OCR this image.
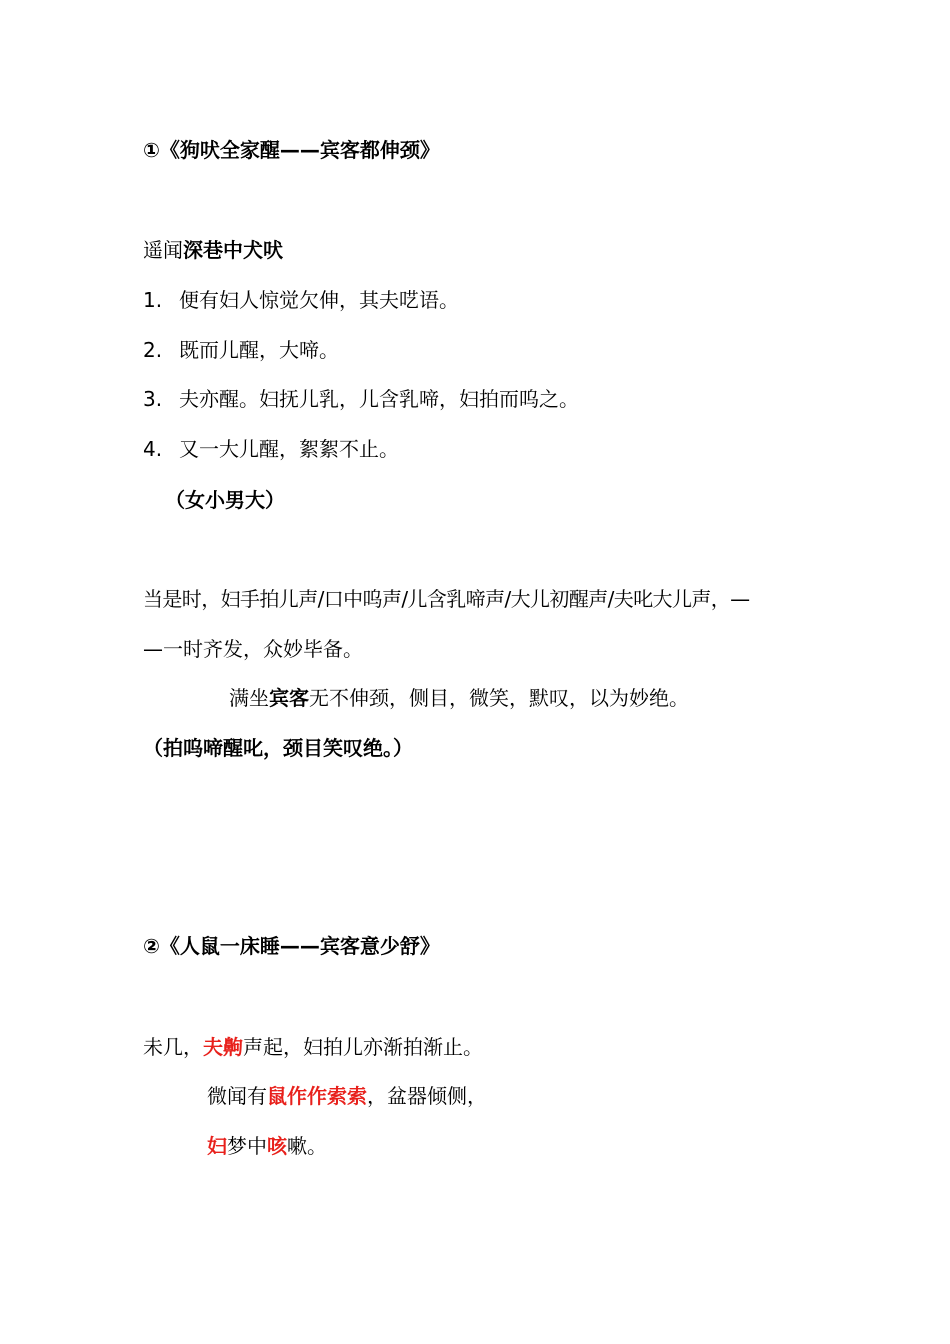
①《狗吠全家醒——宾客都伸颈》
遥闻深巷中犬吠
1. 便有妇人惊觉欠伸，其夫呓语。
2. 既而儿醒，大啼。
3. 夫亦醒。妇抚儿乳，儿含乳啼，妇拍而呜之。
4. 又一大儿醒，絮絮不止。
（女小男大）
当是时，妇手拍儿声/口中呜声/儿含乳啼声/大儿初醒声/夫叱大儿声，—
—一时齐发，众妙毕备。
满坐宾客无不伸颈，侧目，微笑，默叹，以为妙绝。
（拍呜啼醒叱，颈目笑叹绝。）
②《人鼠一床睡——宾客意少舒》
未几，夫齁声起，妇拍儿亦渐拍渐止。
微闻有鼠作作索索，盆器倾侧，
妇梦中咳嗽。
